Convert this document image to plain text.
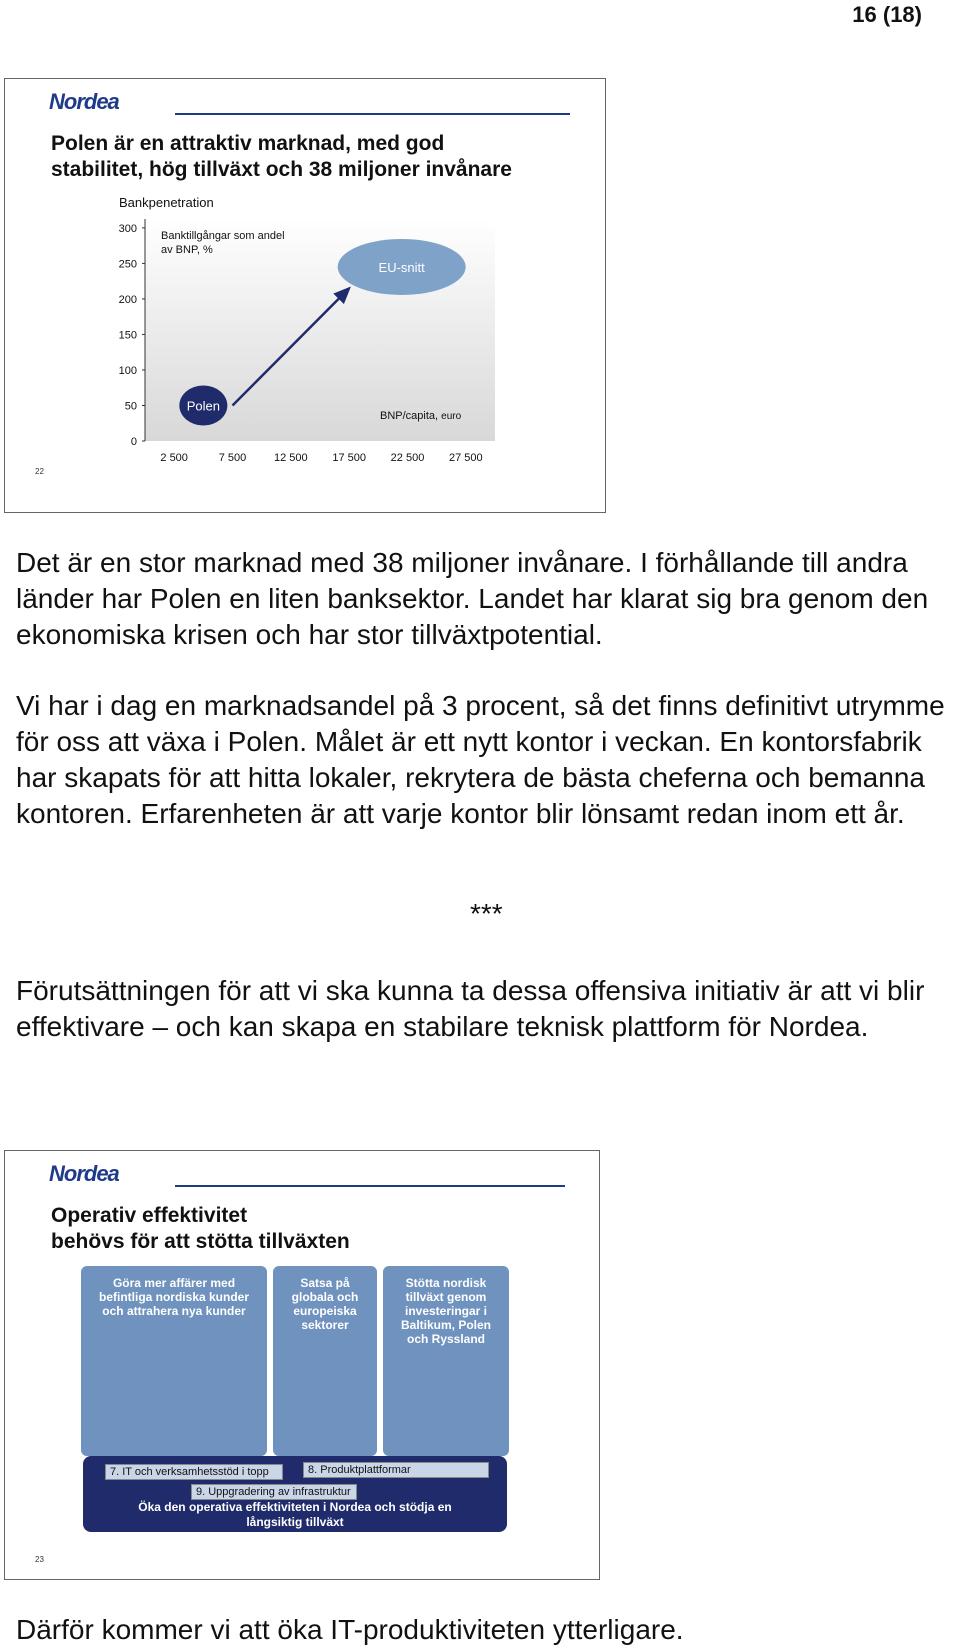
16 (18)
Nordea
Polen är en attraktiv marknad, med god
stabilitet, hög tillväxt och 38 miljoner invånare
Bankpenetration
0
50
100
150
200
250
300
2 500	7 500	12 500 17 500 22 500 27 500
Polen
EU-snitt
Banktillgångar som andel
av BNP, %
BNP/capita, euro
22
Det är en stor marknad med 38 miljoner invånare. I förhållande till andra länder har Polen en liten banksektor. Landet har klarat sig bra genom den ekonomiska krisen och har stor tillväxtpotential.
Vi har i dag en marknadsandel på 3 procent, så det finns definitivt utrymme för oss att växa i Polen. Målet är ett nytt kontor i veckan. En kontorsfabrik har skapats för att hitta lokaler, rekrytera de bästa cheferna och bemanna kontoren. Erfarenheten är att varje kontor blir lönsamt redan inom ett år.
***
Förutsättningen för att vi ska kunna ta dessa offensiva initiativ är att vi blir effektivare – och kan skapa en stabilare teknisk plattform för Nordea.
Nordea
Operativ effektivitet
behövs för att stötta tillväxten
Göra mer affärer med befintliga nordiska kunder och attrahera nya kunder
Satsa på globala och europeiska sektorer
Stötta nordisk tillväxt genom investeringar i Baltikum, Polen och Ryssland
7. IT och verksamhetsstöd i topp	8. Produktplattformar
9. Uppgradering av infrastruktur
Öka den operativa effektiviteten i Nordea och stödja en långsiktig tillväxt
23
Därför kommer vi att öka IT-produktiviteten ytterligare.
